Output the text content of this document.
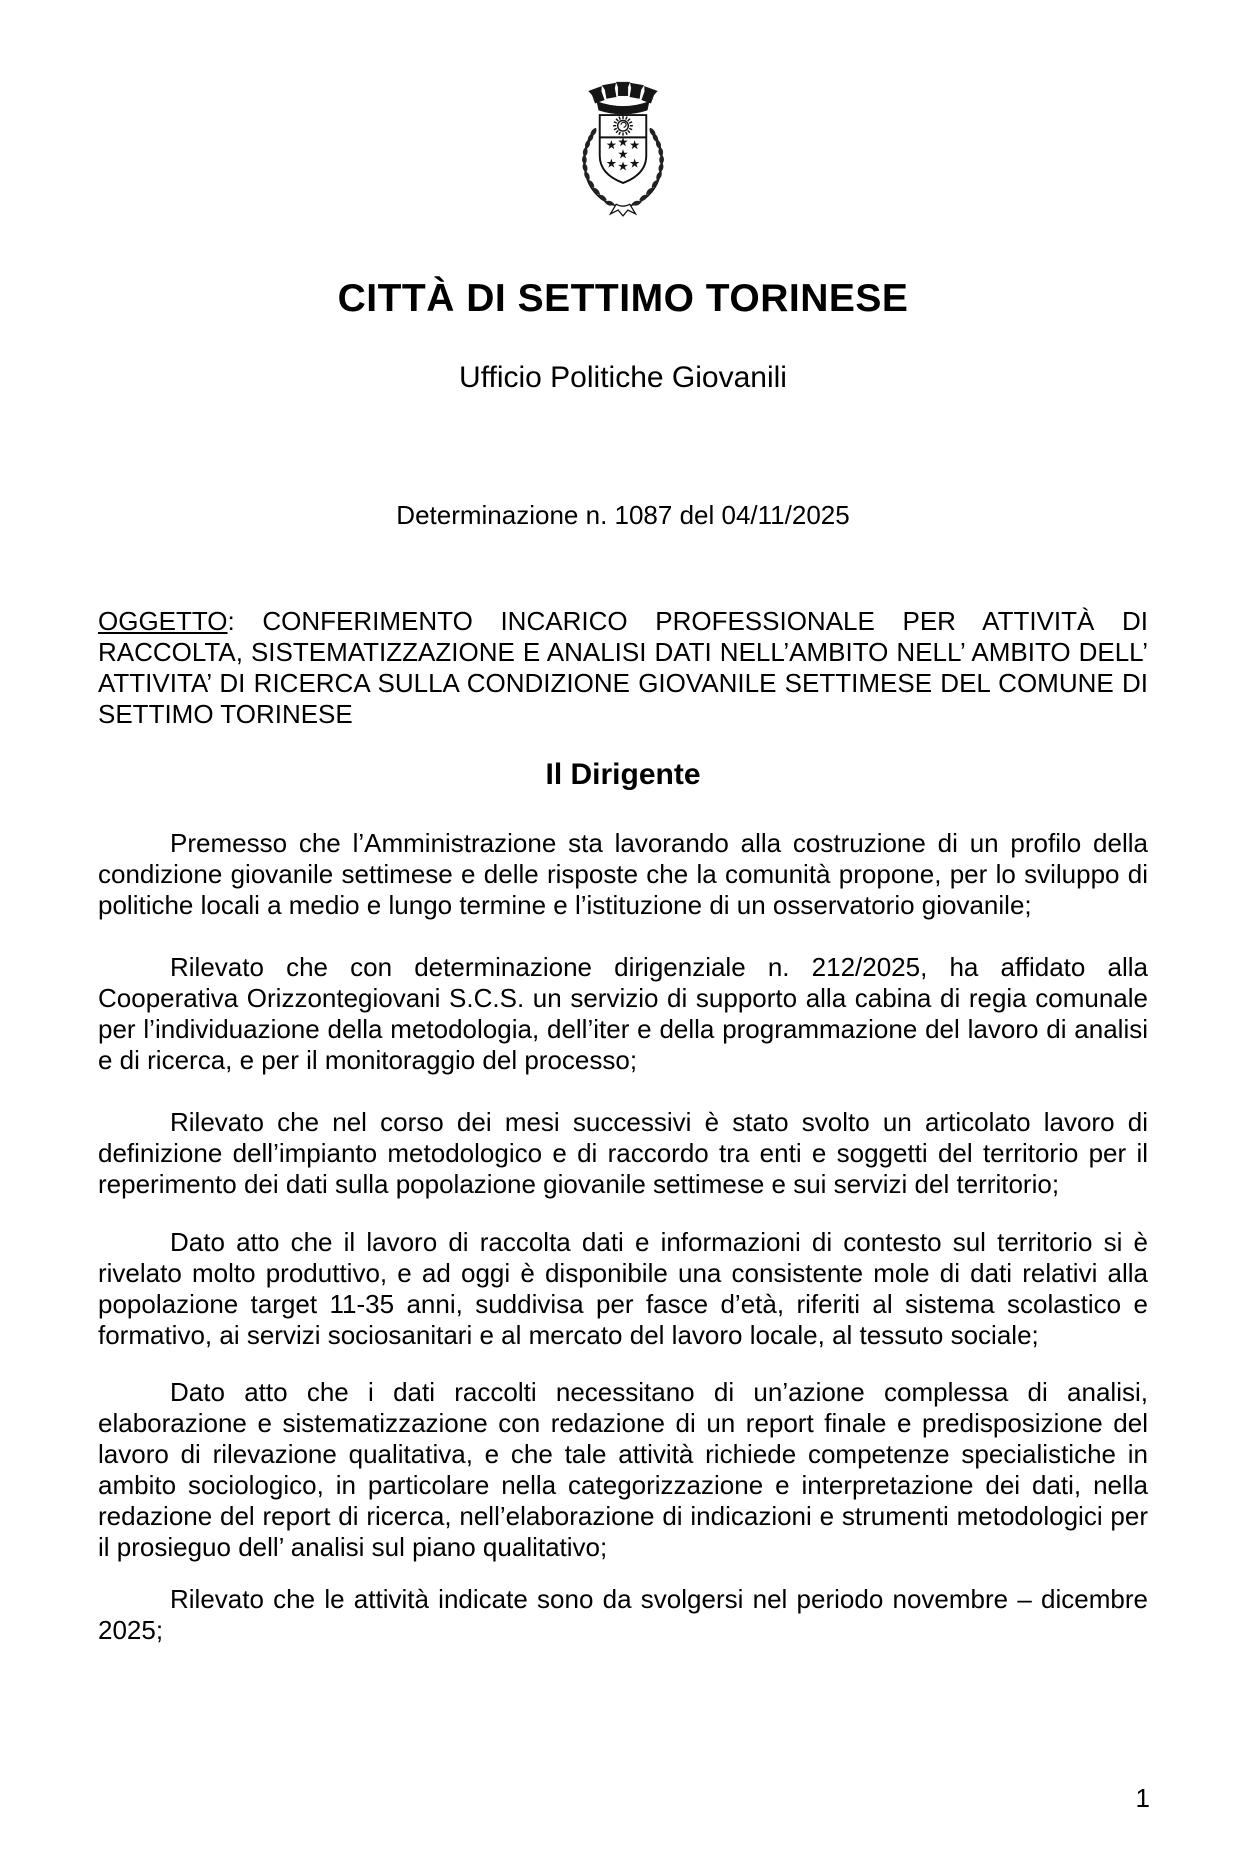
CITTÀ DI SETTIMO TORINESE
Ufficio Politiche Giovanili
Determinazione n. 1087 del 04/11/2025

OGGETTO: CONFERIMENTO INCARICO PROFESSIONALE PER ATTIVITÀ DI RACCOLTA, SISTEMATIZZAZIONE E ANALISI DATI NELL’AMBITO NELL’ AMBITO DELL’ ATTIVITA’ DI RICERCA SULLA CONDIZIONE GIOVANILE SETTIMESE DEL COMUNE DI SETTIMO TORINESE

Il Dirigente

Premesso che l’Amministrazione sta lavorando alla costruzione di un profilo della condizione giovanile settimese e delle risposte che la comunità propone, per lo sviluppo di politiche locali a medio e lungo termine e l’istituzione di un osservatorio giovanile;

Rilevato che con determinazione dirigenziale n. 212/2025, ha affidato alla Cooperativa Orizzontegiovani S.C.S. un servizio di supporto alla cabina di regia comunale per l’individuazione della metodologia, dell’iter e della programmazione del lavoro di analisi e di ricerca, e per il monitoraggio del processo;

Rilevato che nel corso dei mesi successivi è stato svolto un articolato lavoro di definizione dell’impianto metodologico e di raccordo tra enti e soggetti del territorio per il reperimento dei dati sulla popolazione giovanile settimese e sui servizi del territorio;

Dato atto che il lavoro di raccolta dati e informazioni di contesto sul territorio si è rivelato molto produttivo, e ad oggi è disponibile una consistente mole di dati relativi alla popolazione target 11-35 anni, suddivisa per fasce d’età, riferiti al sistema scolastico e formativo, ai servizi sociosanitari e al mercato del lavoro locale, al tessuto sociale;

Dato atto che i dati raccolti necessitano di un’azione complessa di analisi, elaborazione e sistematizzazione con redazione di un report finale e predisposizione del lavoro di rilevazione qualitativa, e che tale attività richiede competenze specialistiche in ambito sociologico, in particolare nella categorizzazione e interpretazione dei dati, nella redazione del report di ricerca, nell’elaborazione di indicazioni e strumenti metodologici per il prosieguo dell’ analisi sul piano qualitativo;

Rilevato che le attività indicate sono da svolgersi nel periodo novembre – dicembre 2025;

1
